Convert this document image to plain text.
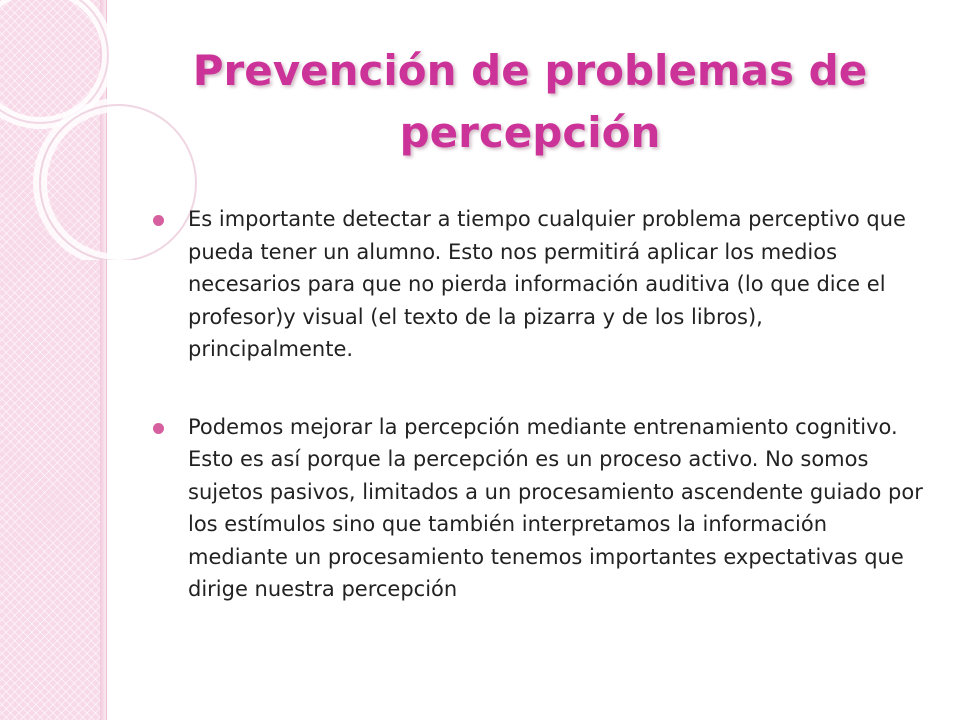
Prevención de problemas de percepción
Es importante detectar a tiempo cualquier problema perceptivo que pueda tener un alumno. Esto nos permitirá aplicar los medios necesarios para que no pierda información auditiva (lo que dice el profesor)y visual (el texto de la pizarra y de los libros), principalmente.
Podemos mejorar la percepción mediante entrenamiento cognitivo. Esto es así porque la percepción es un proceso activo. No somos sujetos pasivos, limitados a un procesamiento ascendente guiado por los estímulos sino que también interpretamos la información mediante un procesamiento tenemos importantes expectativas que dirige nuestra percepción
